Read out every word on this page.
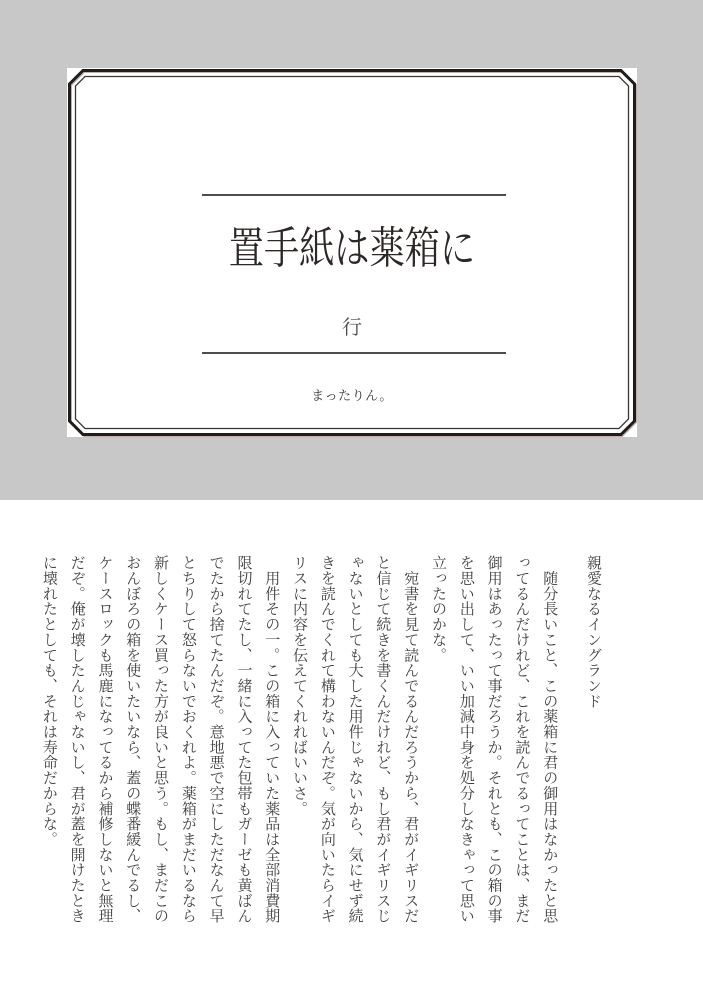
置手紙は薬箱に
行
まったりん。
親愛なるイングランド
　随分長いこと、この薬箱に君の御用はなかったと思
ってるんだけれど、これを読んでるってことは、まだ
御用はあったって事だろうか。それとも、この箱の事
を思い出して、いい加減中身を処分しなきゃって思い
立ったのかな。
　宛書を見て読んでるんだろうから、君がイギリスだ
と信じて続きを書くんだけれど、もし君がイギリスじ
ゃないとしても大した用件じゃないから、気にせず続
きを読んでくれて構わないんだぞ。気が向いたらイギ
リスに内容を伝えてくれればいいさ。
　用件その一。この箱に入っていた薬品は全部消費期
限切れてたし、一緒に入ってた包帯もガーゼも黄ばん
でたから捨てたんだぞ。意地悪で空にしただなんて早
とちりして怒らないでおくれよ。薬箱がまだいるなら
新しくケース買った方が良いと思う。もし、まだこの
おんぼろの箱を使いたいなら、蓋の蝶番緩んでるし、
ケースロックも馬鹿になってるから補修しないと無理
だぞ。俺が壊したんじゃないし、君が蓋を開けたとき
に壊れたとしても、それは寿命だからな。
